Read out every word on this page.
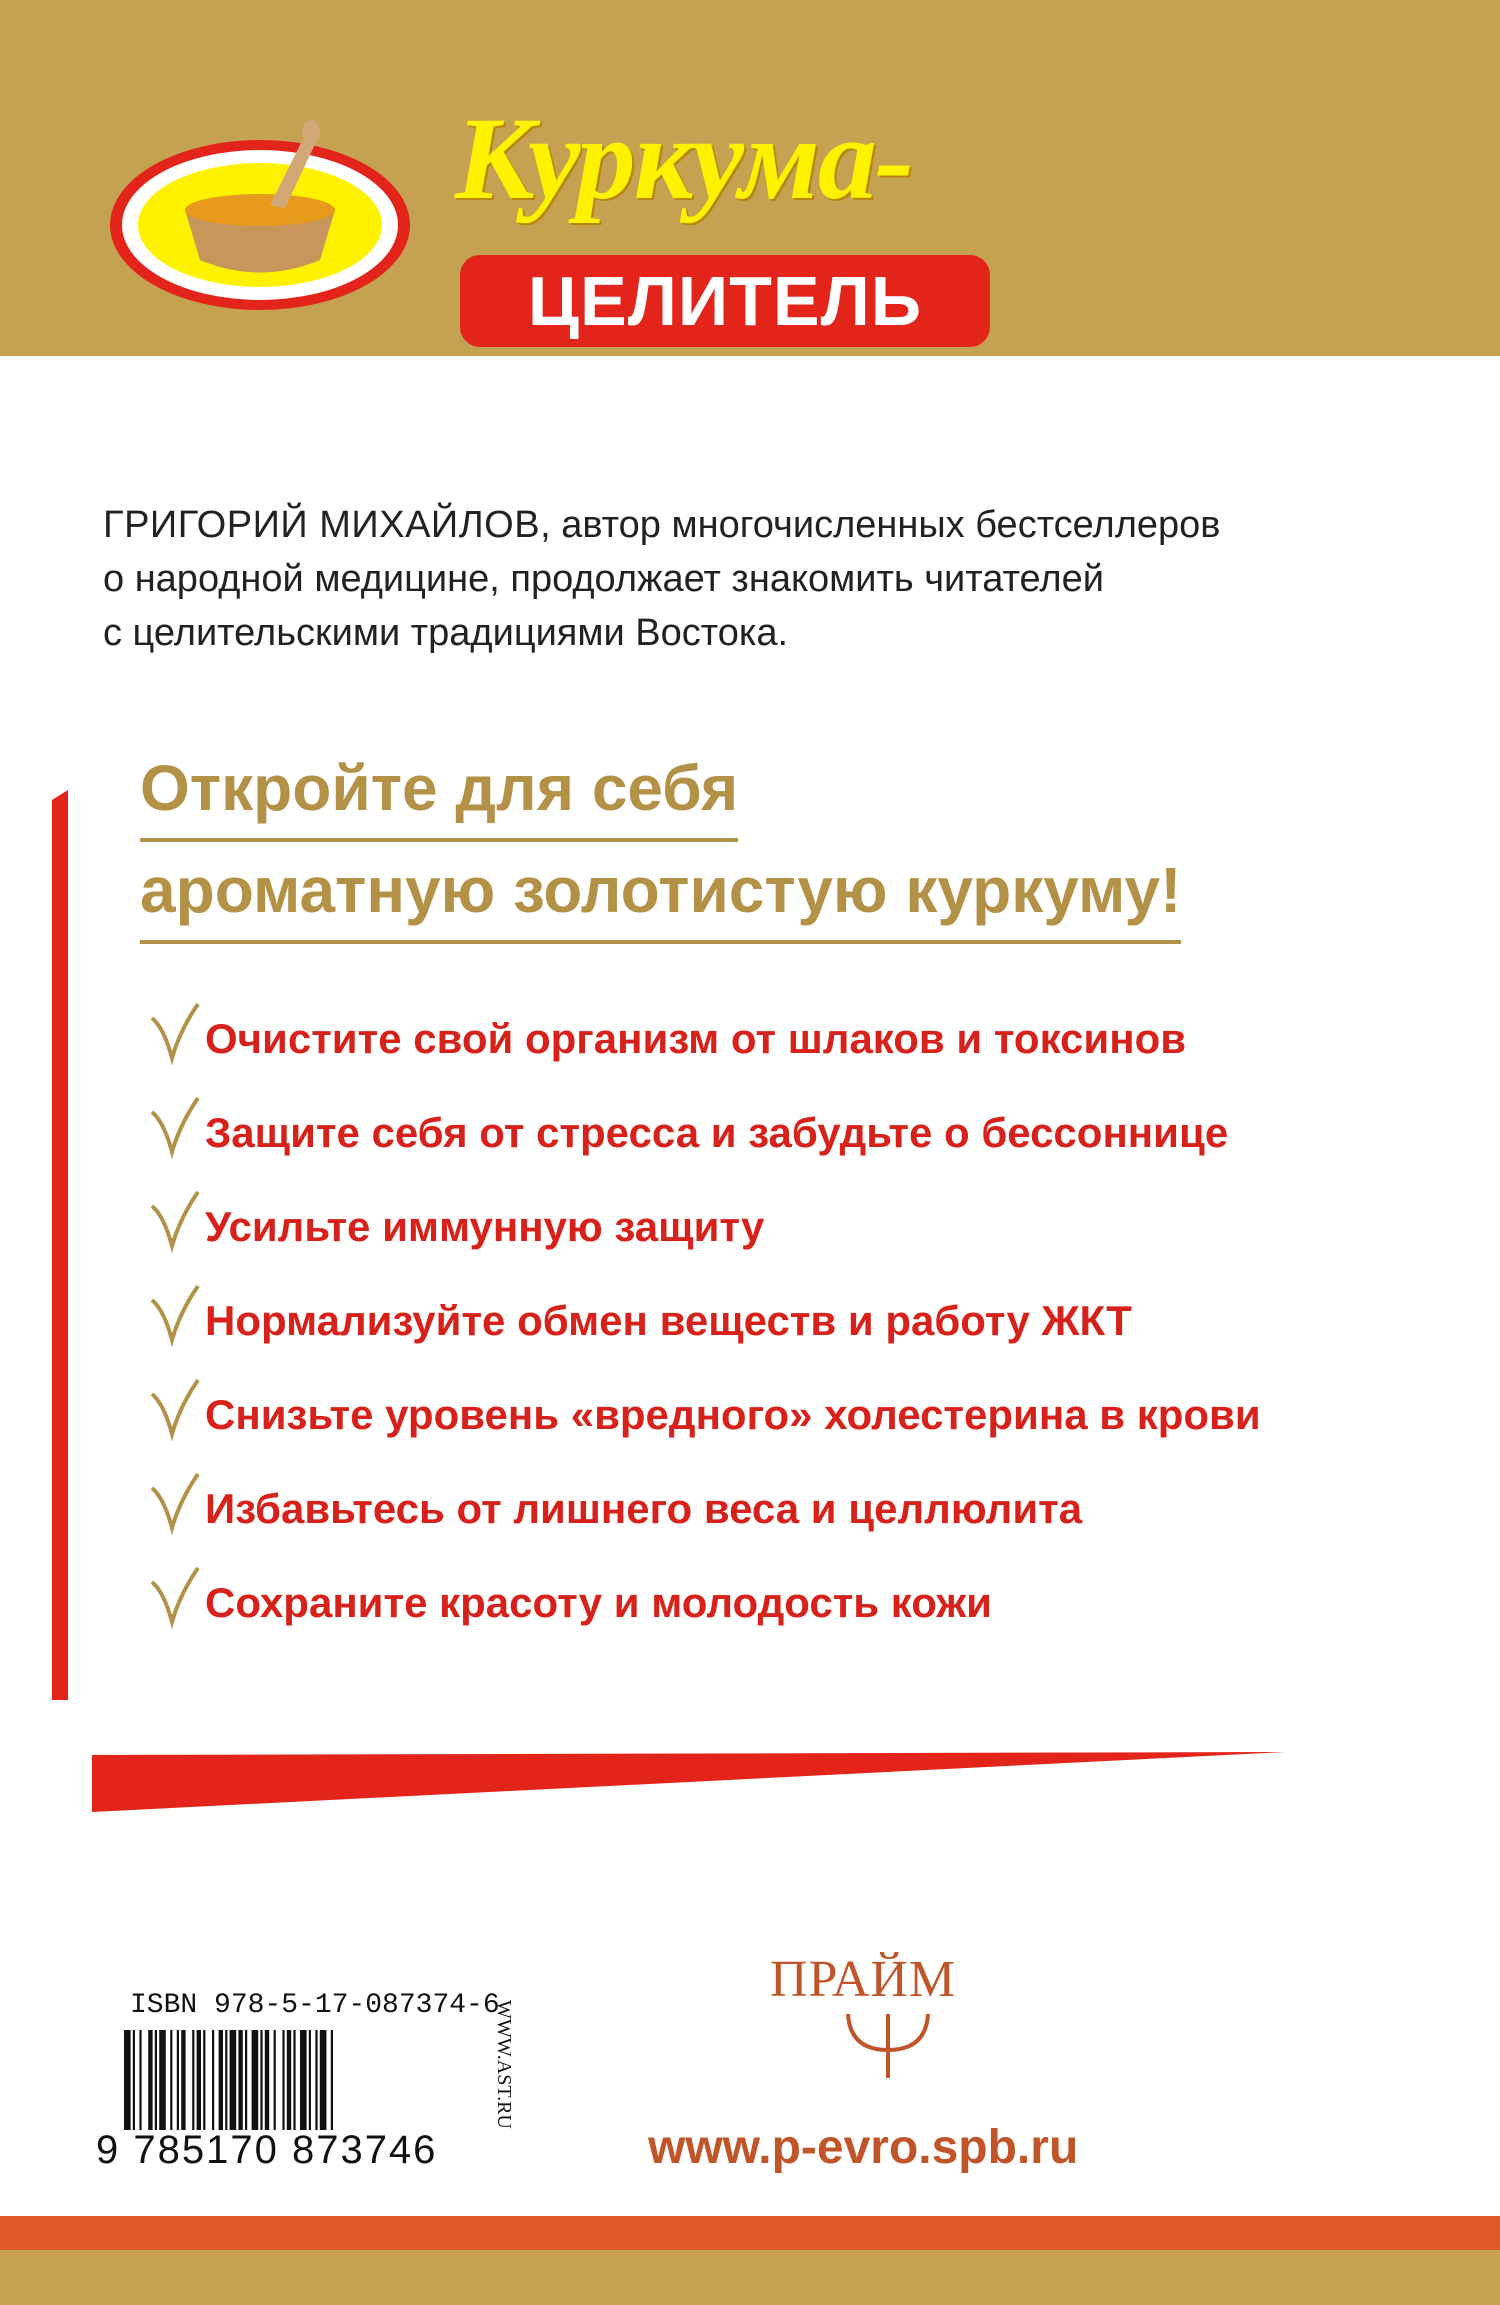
Куркума-
ЦЕЛИТЕЛЬ
ГРИГОРИЙ МИХАЙЛОВ, автор многочисленных бестселлеров
о народной медицине, продолжает знакомить читателей
с целительскими традициями Востока.
Откройте для себя
ароматную золотистую куркуму!
Очистите свой организм от шлаков и токсинов
Защите себя от стресса и забудьте о бессоннице
Усильте иммунную защиту
Нормализуйте обмен веществ и работу ЖКТ
Снизьте уровень «вредного» холестерина в крови
Избавьтесь от лишнего веса и целлюлита
Сохраните красоту и молодость кожи
ISBN 978-5-17-087374-6
9 785170 873746
WWW.AST.RU
ПРАЙМ
www.p-evro.spb.ru
